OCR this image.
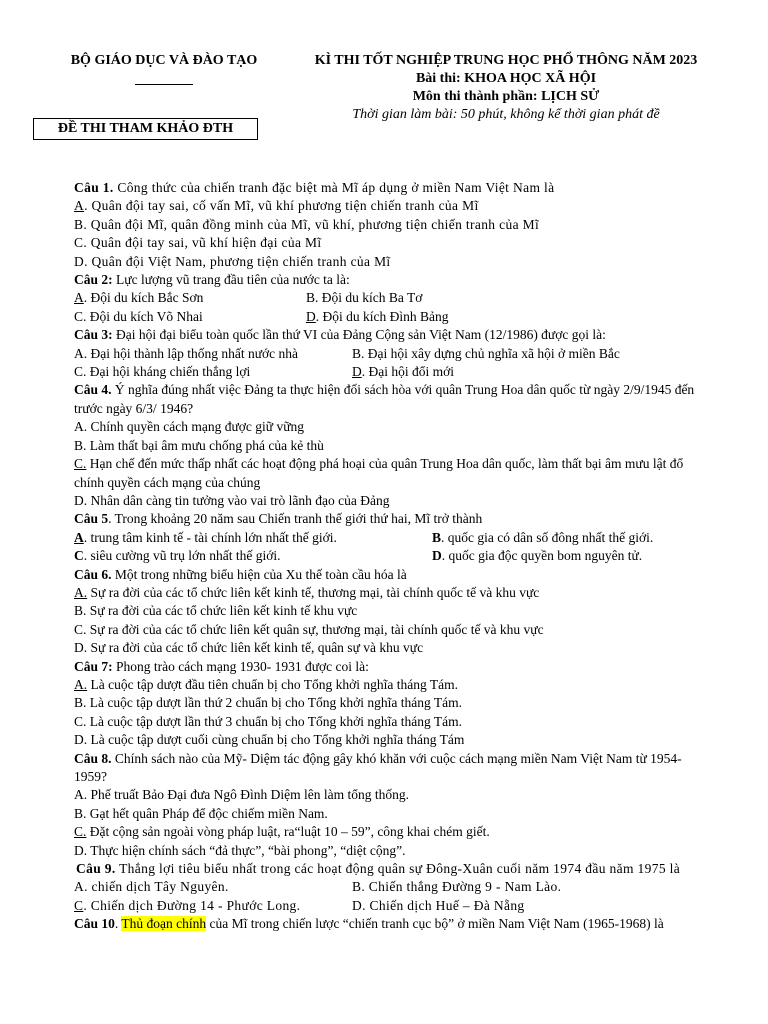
BỘ GIÁO DỤC VÀ ĐÀO TẠO
ĐỀ THI THAM KHẢO ĐTH
KÌ THI TỐT NGHIỆP TRUNG HỌC PHỔ THÔNG NĂM 2023
Bài thi: KHOA HỌC XÃ HỘI
Môn thi thành phần: LỊCH SỬ
Thời gian làm bài: 50 phút, không kể thời gian phát đề
Câu 1. Công thức của chiến tranh đặc biệt mà Mĩ áp dụng ở miền Nam Việt Nam là
A. Quân đội tay sai, cố vấn Mĩ, vũ khí phương tiện chiến tranh của Mĩ
B. Quân đội Mĩ, quân đồng minh của Mĩ, vũ khí, phương tiện chiến tranh của Mĩ
C. Quân đội tay sai, vũ khí hiện đại của Mĩ
D. Quân đội Việt Nam, phương tiện chiến tranh của Mĩ
Câu 2: Lực lượng vũ trang đầu tiên của nước ta là:
A. Đội du kích Bắc Sơn	B. Đội du kích Ba Tơ
C. Đội du kích Võ Nhai	D. Đội du kích Đình Bảng
Câu 3: Đại hội đại biểu toàn quốc lần thứ VI của Đảng Cộng sản Việt Nam (12/1986) được gọi là:
A. Đại hội thành lập thống nhất nước nhà	B. Đại hội xây dựng chủ nghĩa xã hội ở miền Bắc
C. Đại hội kháng chiến thắng lợi	D. Đại hội đổi mới
Câu 4. Ý nghĩa đúng nhất việc Đảng ta thực hiện đối sách hòa với quân Trung Hoa dân quốc từ ngày 2/9/1945 đến trước ngày 6/3/ 1946?
A. Chính quyền cách mạng được giữ vững
B. Làm thất bại âm mưu chống phá của kẻ thù
C. Hạn chế đến mức thấp nhất các hoạt động phá hoại của quân Trung Hoa dân quốc, làm thất bại âm mưu lật đổ chính quyền cách mạng của chúng
D. Nhân dân càng tin tưởng vào vai trò lãnh đạo của Đảng
Câu 5. Trong khoảng 20 năm sau Chiến tranh thế giới thứ hai, Mĩ trở thành
A. trung tâm kinh tế - tài chính lớn nhất thế giới.	B. quốc gia có dân số đông nhất thế giới.
C. siêu cường vũ trụ lớn nhất thế giới.	D. quốc gia độc quyền bom nguyên tử.
Câu 6. Một trong những biểu hiện của Xu thế toàn cầu hóa là
A. Sự ra đời của các tổ chức liên kết kinh tế, thương mại, tài chính quốc tế và khu vực
B. Sự ra đời của các tổ chức liên kết kinh tế khu vực
C. Sự ra đời của các tổ chức liên kết quân sự, thương mại, tài chính quốc tế và khu vực
D. Sự ra đời của các tổ chức liên kết kinh tế, quân sự và khu vực
Câu 7: Phong trào cách mạng 1930- 1931 được coi là:
A. Là cuộc tập dượt đầu tiên chuẩn bị cho Tổng khởi nghĩa tháng Tám.
B. Là cuộc tập dượt lần thứ 2 chuẩn bị cho Tổng khởi nghĩa tháng Tám.
C. Là cuộc tập dượt lần thứ 3 chuẩn bị cho Tổng khởi nghĩa tháng Tám.
D. Là cuộc tập dượt cuối cùng chuẩn bị cho Tổng khởi nghĩa tháng Tám
Câu 8. Chính sách nào của Mỹ- Diệm tác động gây khó khăn với cuộc cách mạng miền Nam Việt Nam từ 1954-1959?
A. Phế truất Bảo Đại đưa Ngô Đình Diệm lên làm tổng thống.
B. Gạt hết quân Pháp để độc chiếm miền Nam.
C. Đặt cộng sản ngoài vòng pháp luật, ra“luật 10 – 59”, công khai chém giết.
D. Thực hiện chính sách “đả thực”, “bài phong”, “diệt cộng”.
Câu 9. Thắng lợi tiêu biểu nhất trong các hoạt động quân sự Đông-Xuân cuối năm 1974 đầu năm 1975 là
A. chiến dịch Tây Nguyên.	B. Chiến thắng Đường 9 - Nam Lào.
C. Chiến dịch Đường 14 - Phước Long.	D. Chiến dịch Huế – Đà Nẵng
Câu 10. Thủ đoạn chính của Mĩ trong chiến lược “chiến tranh cục bộ” ở miền Nam Việt Nam (1965-1968) là
